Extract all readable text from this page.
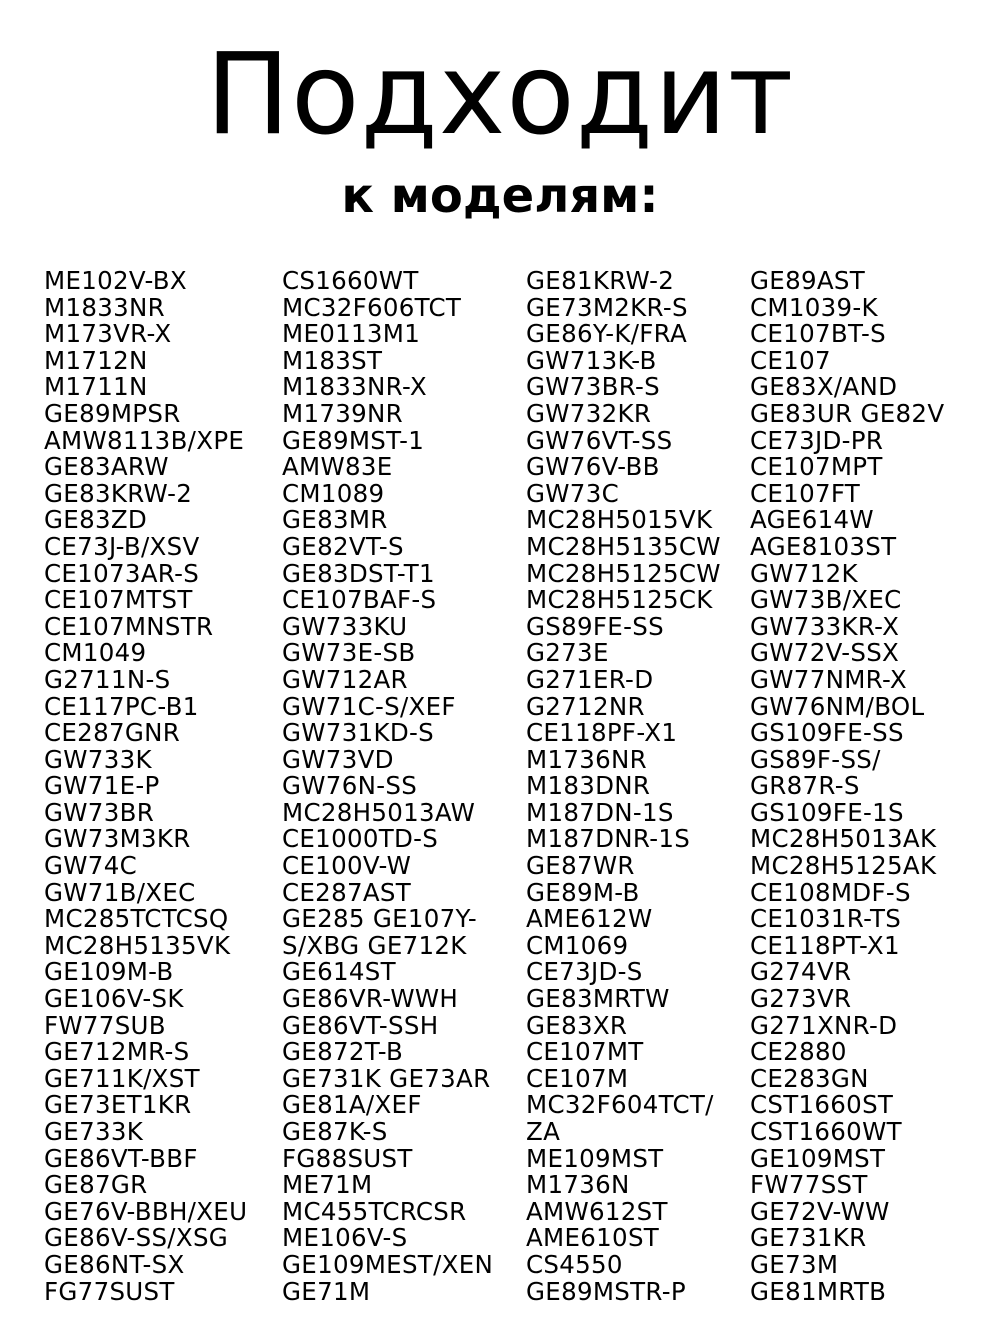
Подходит
к моделям:
ME102V-BX
M1833NR
M173VR-X
M1712N
M1711N
GE89MPSR
AMW8113B/XPE
GE83ARW
GE83KRW-2
GE83ZD
CE73J-B/XSV
CE1073AR-S
CE107MTST
CE107MNSTR
CM1049
G2711N-S
CE117PC-B1
CE287GNR
GW733K
GW71E-P
GW73BR
GW73M3KR
GW74C
GW71B/XEC
MC285TCTCSQ
MC28H5135VK
GE109M-B
GE106V-SK
FW77SUB
GE712MR-S
GE711K/XST
GE73ET1KR
GE733K
GE86VT-BBF
GE87GR
GE76V-BBH/XEU
GE86V-SS/XSG
GE86NT-SX
FG77SUST
CS1660WT
MC32F606TCT
ME0113M1
M183ST
M1833NR-X
M1739NR
GE89MST-1
AMW83E
CM1089
GE83MR
GE82VT-S
GE83DST-T1
CE107BAF-S
GW733KU
GW73E-SB
GW712AR
GW71C-S/XEF
GW731KD-S
GW73VD
GW76N-SS
MC28H5013AW
CE1000TD-S
CE100V-W
CE287AST
GE285 GE107Y-
S/XBG GE712K
GE614ST
GE86VR-WWH
GE86VT-SSH
GE872T-B
GE731K GE73AR
GE81A/XEF
GE87K-S
FG88SUST
ME71M
MC455TCRCSR
ME106V-S
GE109MEST/XEN
GE71M
GE81KRW-2
GE73M2KR-S
GE86Y-K/FRA
GW713K-B
GW73BR-S
GW732KR
GW76VT-SS
GW76V-BB
GW73C
MC28H5015VK
MC28H5135CW
MC28H5125CW
MC28H5125CK
GS89FE-SS
G273E
G271ER-D
G2712NR
CE118PF-X1
M1736NR
M183DNR
M187DN-1S
M187DNR-1S
GE87WR
GE89M-B
AME612W
CM1069
CE73JD-S
GE83MRTW
GE83XR
CE107MT
CE107M
MC32F604TCT/
ZA
ME109MST
M1736N
AMW612ST
AME610ST
CS4550
GE89MSTR-P
GE89AST
CM1039-K
CE107BT-S
CE107
GE83X/AND
GE83UR GE82V
CE73JD-PR
CE107MPT
CE107FT
AGE614W
AGE8103ST
GW712K
GW73B/XEC
GW733KR-X
GW72V-SSX
GW77NMR-X
GW76NM/BOL
GS109FE-SS
GS89F-SS/
GR87R-S
GS109FE-1S
MC28H5013AK
MC28H5125AK
CE108MDF-S
CE1031R-TS
CE118PT-X1
G274VR
G273VR
G271XNR-D
CE2880
CE283GN
CST1660ST
CST1660WT
GE109MST
FW77SST
GE72V-WW
GE731KR
GE73M
GE81MRTB
